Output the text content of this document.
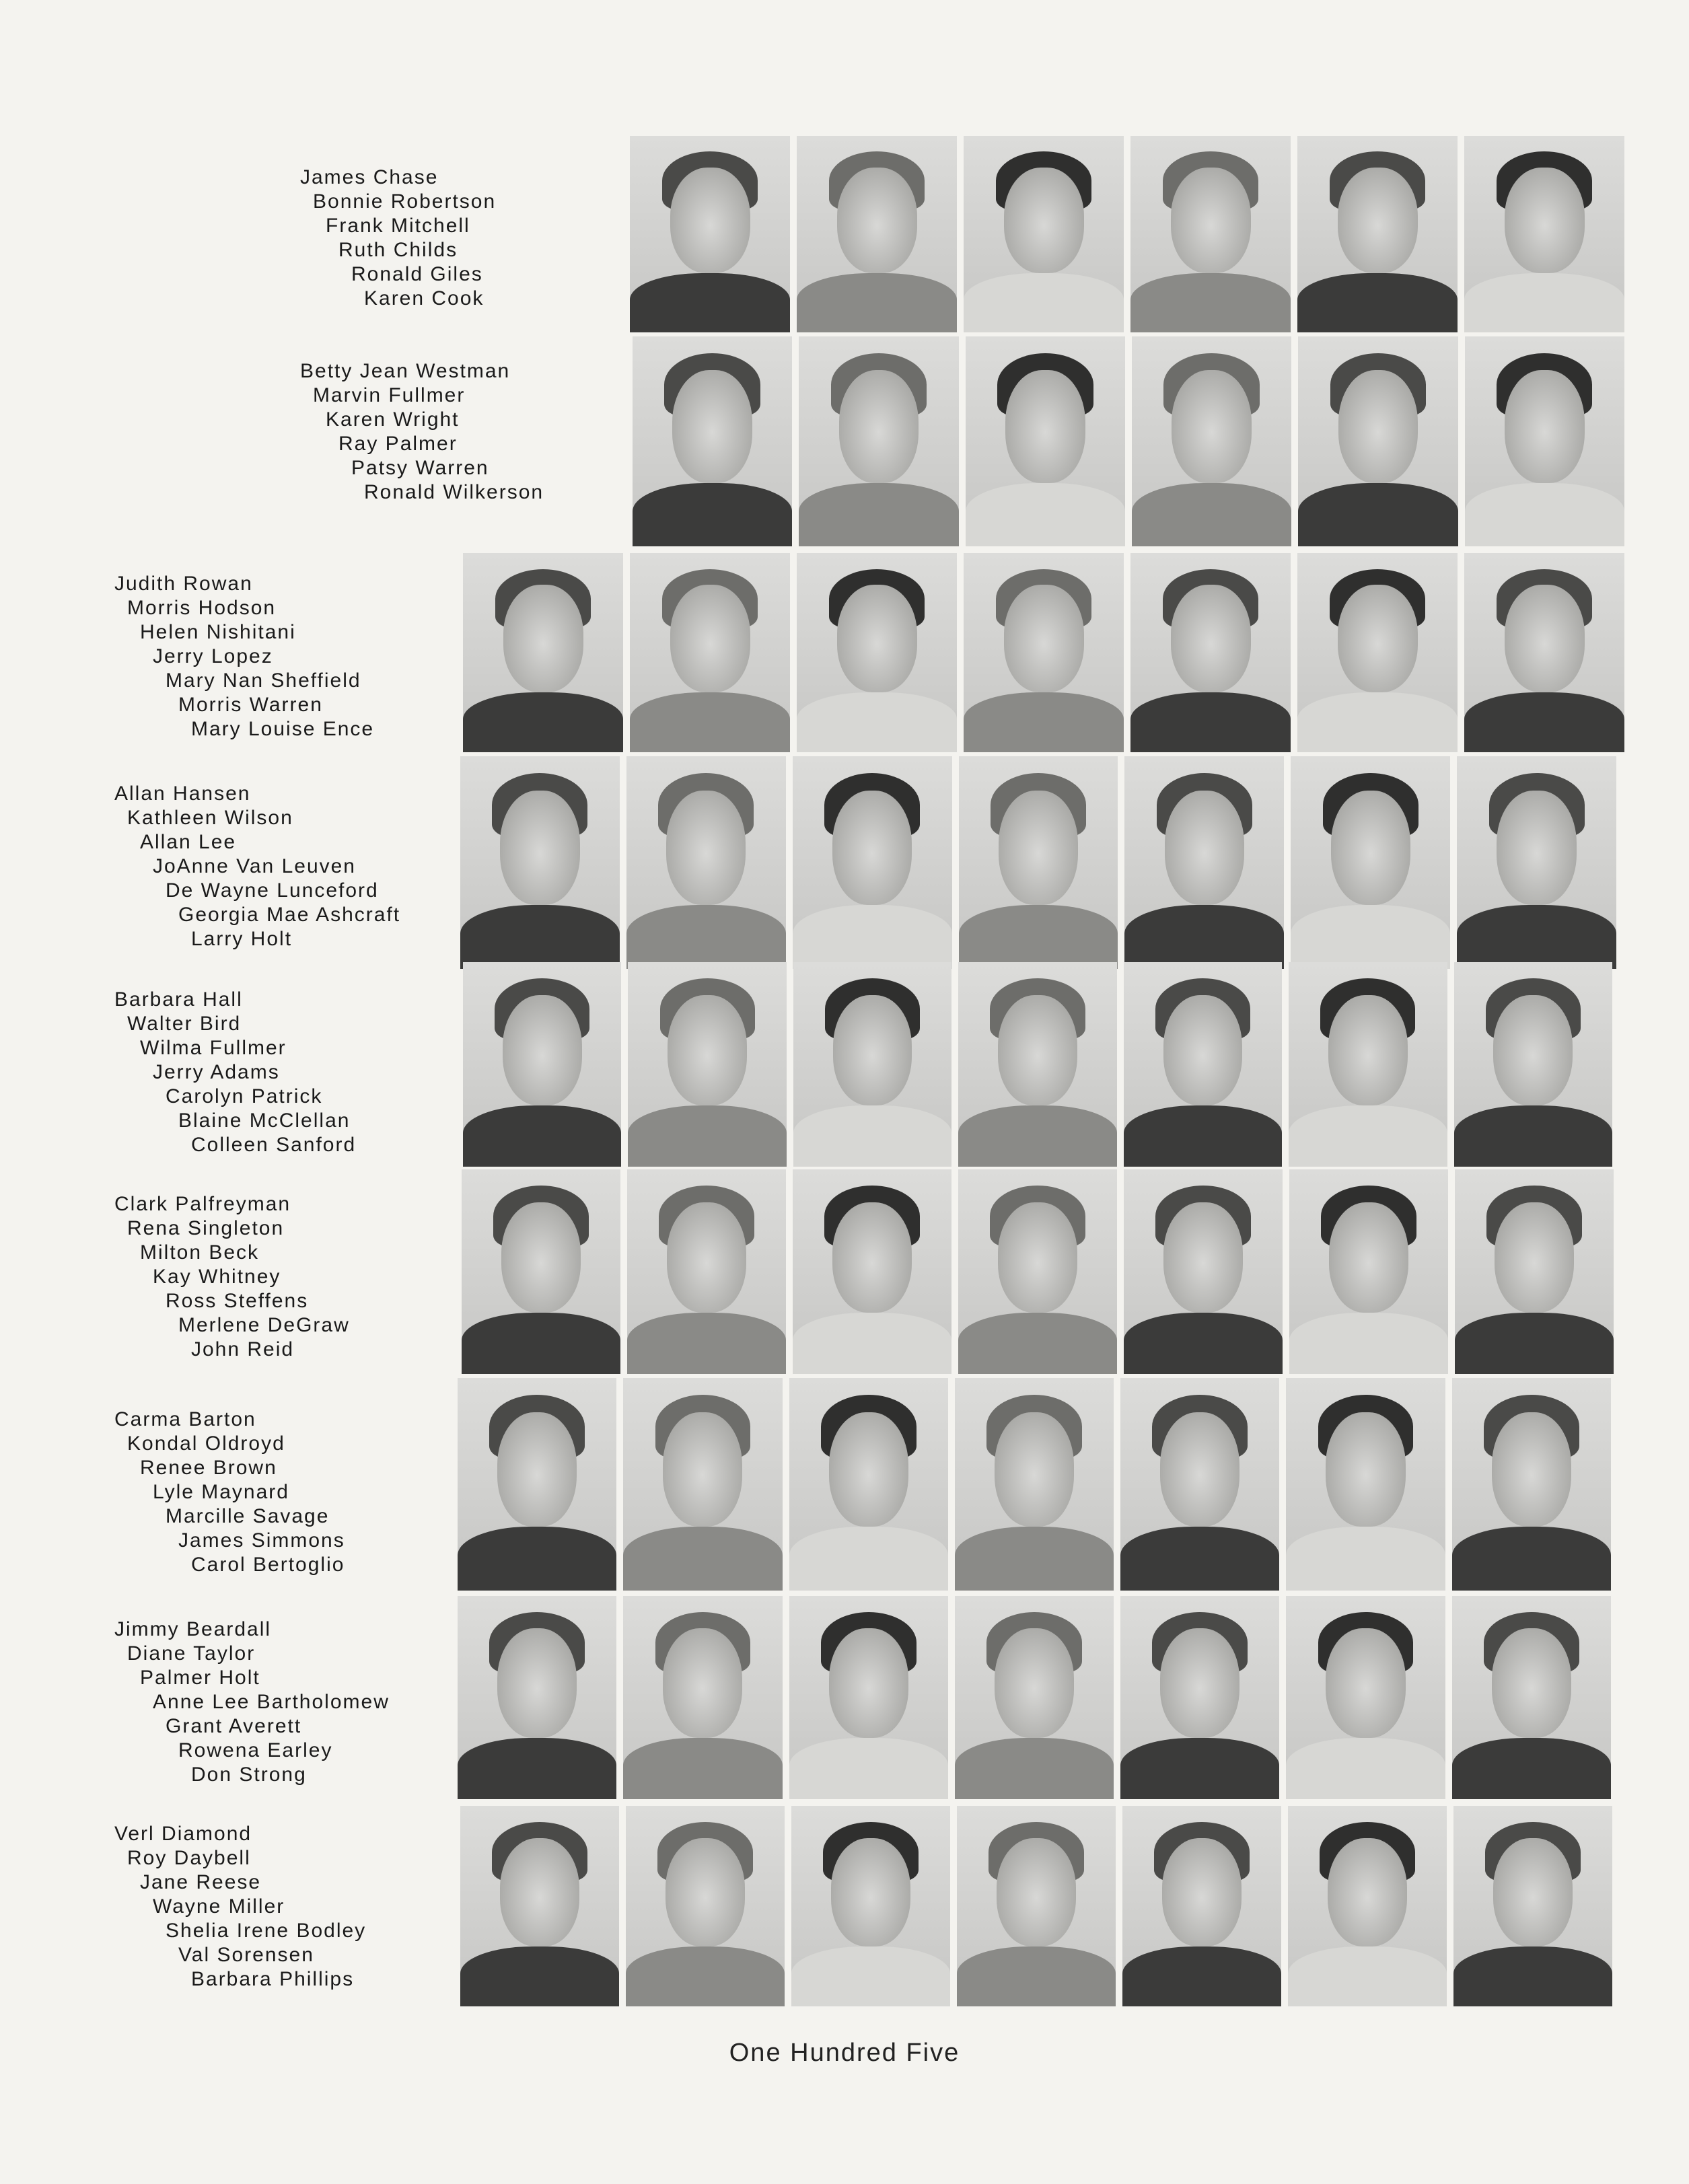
James Chase
Bonnie Robertson
Frank Mitchell
Ruth Childs
Ronald Giles
Karen Cook
Betty Jean Westman
Marvin Fullmer
Karen Wright
Ray Palmer
Patsy Warren
Ronald Wilkerson
Judith Rowan
Morris Hodson
Helen Nishitani
Jerry Lopez
Mary Nan Sheffield
Morris Warren
Mary Louise Ence
Allan Hansen
Kathleen Wilson
Allan Lee
JoAnne Van Leuven
De Wayne Lunceford
Georgia Mae Ashcraft
Larry Holt
Barbara Hall
Walter Bird
Wilma Fullmer
Jerry Adams
Carolyn Patrick
Blaine McClellan
Colleen Sanford
Clark Palfreyman
Rena Singleton
Milton Beck
Kay Whitney
Ross Steffens
Merlene DeGraw
John Reid
Carma Barton
Kondal Oldroyd
Renee Brown
Lyle Maynard
Marcille Savage
James Simmons
Carol Bertoglio
Jimmy Beardall
Diane Taylor
Palmer Holt
Anne Lee Bartholomew
Grant Averett
Rowena Earley
Don Strong
Verl Diamond
Roy Daybell
Jane Reese
Wayne Miller
Shelia Irene Bodley
Val Sorensen
Barbara Phillips
One Hundred Five
